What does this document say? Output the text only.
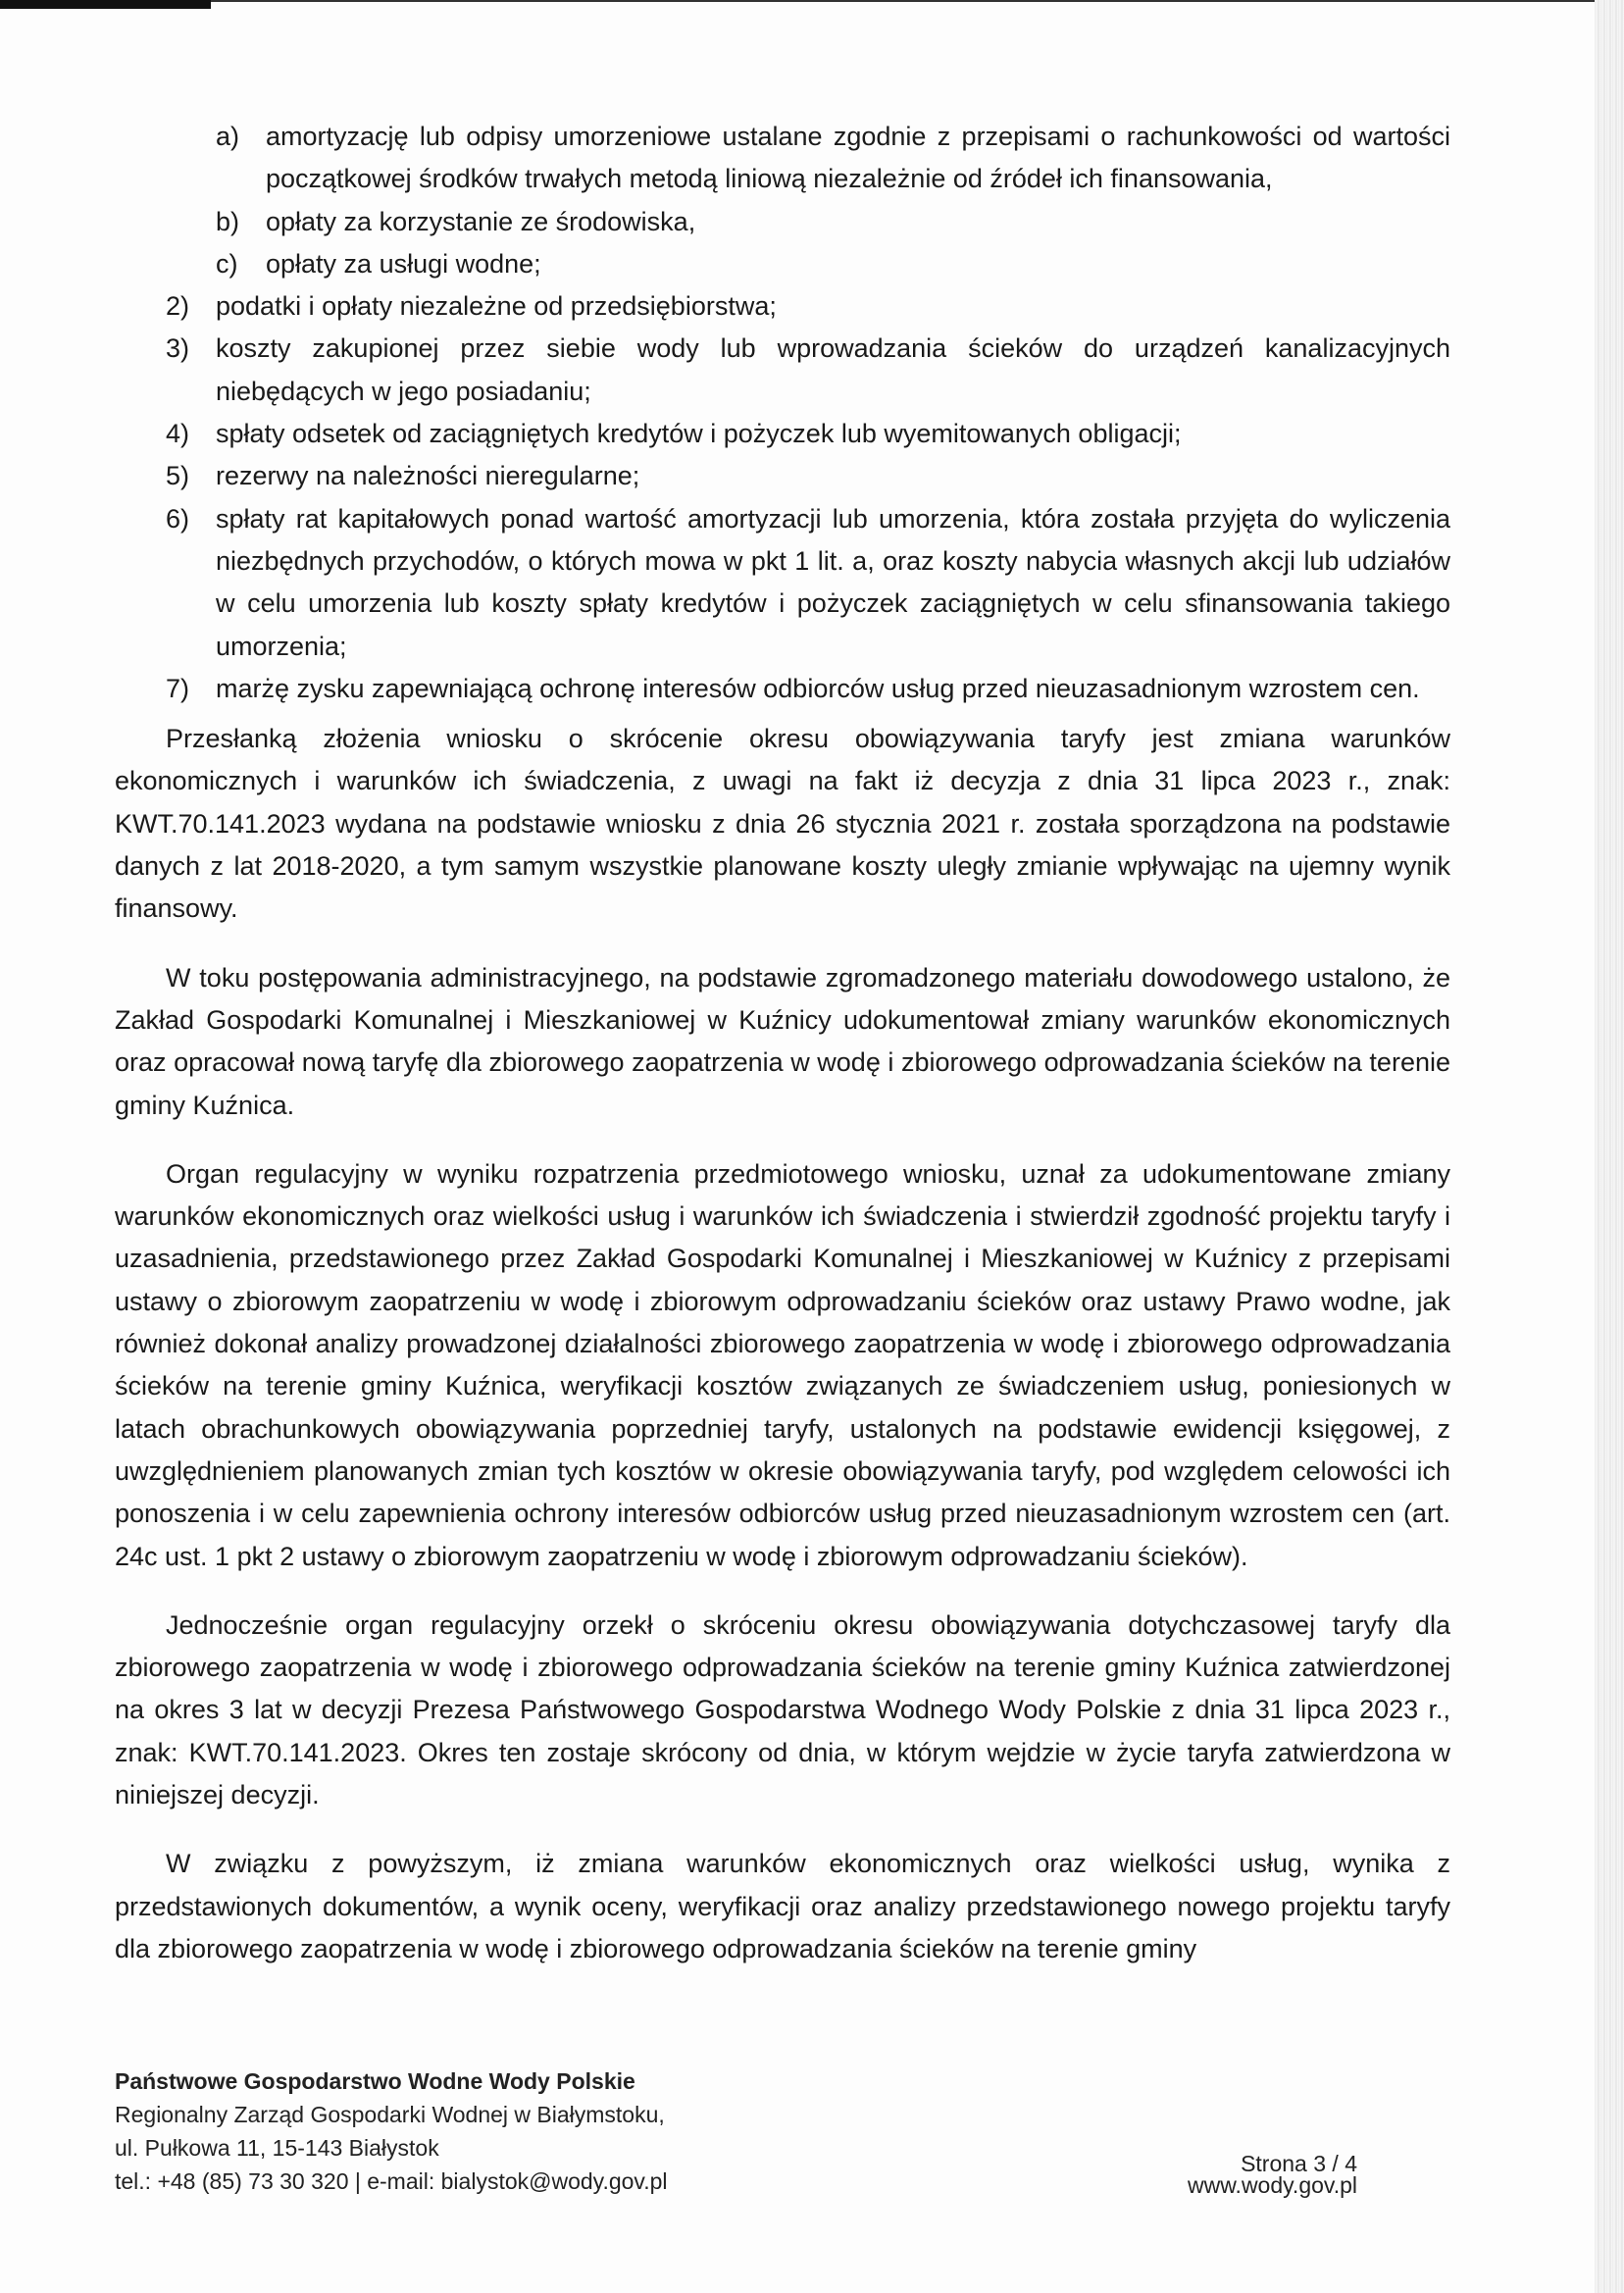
a) amortyzację lub odpisy umorzeniowe ustalane zgodnie z przepisami o rachunkowości od wartości początkowej środków trwałych metodą liniową niezależnie od źródeł ich finansowania,
b) opłaty za korzystanie ze środowiska,
c) opłaty za usługi wodne;
2) podatki i opłaty niezależne od przedsiębiorstwa;
3) koszty zakupionej przez siebie wody lub wprowadzania ścieków do urządzeń kanalizacyjnych niebędących w jego posiadaniu;
4) spłaty odsetek od zaciągniętych kredytów i pożyczek lub wyemitowanych obligacji;
5) rezerwy na należności nieregularne;
6) spłaty rat kapitałowych ponad wartość amortyzacji lub umorzenia, która została przyjęta do wyliczenia niezbędnych przychodów, o których mowa w pkt 1 lit. a, oraz koszty nabycia własnych akcji lub udziałów w celu umorzenia lub koszty spłaty kredytów i pożyczek zaciągniętych w celu sfinansowania takiego umorzenia;
7) marżę zysku zapewniającą ochronę interesów odbiorców usług przed nieuzasadnionym wzrostem cen.

Przesłanką złożenia wniosku o skrócenie okresu obowiązywania taryfy jest zmiana warunków ekonomicznych i warunków ich świadczenia, z uwagi na fakt iż decyzja z dnia 31 lipca 2023 r., znak: KWT.70.141.2023 wydana na podstawie wniosku z dnia 26 stycznia 2021 r. została sporządzona na podstawie danych z lat 2018-2020, a tym samym wszystkie planowane koszty uległy zmianie wpływając na ujemny wynik finansowy.

W toku postępowania administracyjnego, na podstawie zgromadzonego materiału dowodowego ustalono, że Zakład Gospodarki Komunalnej i Mieszkaniowej w Kuźnicy udokumentował zmiany warunków ekonomicznych oraz opracował nową taryfę dla zbiorowego zaopatrzenia w wodę i zbiorowego odprowadzania ścieków na terenie gminy Kuźnica.

Organ regulacyjny w wyniku rozpatrzenia przedmiotowego wniosku, uznał za udokumentowane zmiany warunków ekonomicznych oraz wielkości usług i warunków ich świadczenia i stwierdził zgodność projektu taryfy i uzasadnienia, przedstawionego przez Zakład Gospodarki Komunalnej i Mieszkaniowej w Kuźnicy z przepisami ustawy o zbiorowym zaopatrzeniu w wodę i zbiorowym odprowadzaniu ścieków oraz ustawy Prawo wodne, jak również dokonał analizy prowadzonej działalności zbiorowego zaopatrzenia w wodę i zbiorowego odprowadzania ścieków na terenie gminy Kuźnica, weryfikacji kosztów związanych ze świadczeniem usług, poniesionych w latach obrachunkowych obowiązywania poprzedniej taryfy, ustalonych na podstawie ewidencji księgowej, z uwzględnieniem planowanych zmian tych kosztów w okresie obowiązywania taryfy, pod względem celowości ich ponoszenia i w celu zapewnienia ochrony interesów odbiorców usług przed nieuzasadnionym wzrostem cen (art. 24c ust. 1 pkt 2 ustawy o zbiorowym zaopatrzeniu w wodę i zbiorowym odprowadzaniu ścieków).

Jednocześnie organ regulacyjny orzekł o skróceniu okresu obowiązywania dotychczasowej taryfy dla zbiorowego zaopatrzenia w wodę i zbiorowego odprowadzania ścieków na terenie gminy Kuźnica zatwierdzonej na okres 3 lat w decyzji Prezesa Państwowego Gospodarstwa Wodnego Wody Polskie z dnia 31 lipca 2023 r., znak: KWT.70.141.2023. Okres ten zostaje skrócony od dnia, w którym wejdzie w życie taryfa zatwierdzona w niniejszej decyzji.

W związku z powyższym, iż zmiana warunków ekonomicznych oraz wielkości usług, wynika z przedstawionych dokumentów, a wynik oceny, weryfikacji oraz analizy przedstawionego nowego projektu taryfy dla zbiorowego zaopatrzenia w wodę i zbiorowego odprowadzania ścieków na terenie gminy

Państwowe Gospodarstwo Wodne Wody Polskie
Regionalny Zarząd Gospodarki Wodnej w Białymstoku,
ul. Pułkowa 11, 15-143 Białystok
tel.: +48 (85) 73 30 320 | e-mail: bialystok@wody.gov.pl
Strona 3 / 4
www.wody.gov.pl
